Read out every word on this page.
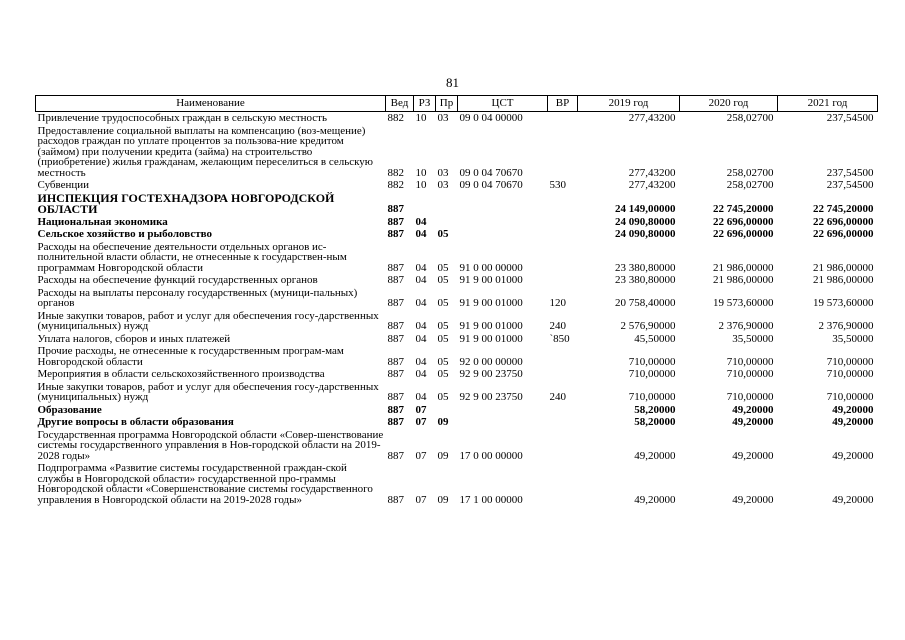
81
Наименование	Вед	РЗ	Пр	ЦСТ	ВР	2019 год	2020 год	2021 год
Привлечение трудоспособных граждан в сельскую местность	882	10	03	09 0 04 00000		277,43200	258,02700	237,54500
Предоставление социальной выплаты на компенсацию (воз-мещение) расходов граждан по уплате процентов за пользова-ние кредитом (займом) при получении кредита (займа) на строительство (приобретение) жилья гражданам, желающим переселиться в сельскую местность	882	10	03	09 0 04 70670		277,43200	258,02700	237,54500
Субвенции	882	10	03	09 0 04 70670	530	277,43200	258,02700	237,54500
ИНСПЕКЦИЯ ГОСТЕХНАДЗОРА НОВГОРОДСКОЙ ОБЛАСТИ	887					24 149,00000	22 745,20000	22 745,20000
Национальная экономика	887	04				24 090,80000	22 696,00000	22 696,00000
Сельское хозяйство и рыболовство	887	04	05			24 090,80000	22 696,00000	22 696,00000
Расходы на обеспечение деятельности отдельных органов ис-полнительной власти области, не отнесенные к государствен-ным программам Новгородской области	887	04	05	91 0 00 00000		23 380,80000	21 986,00000	21 986,00000
Расходы на обеспечение функций государственных органов	887	04	05	91 9 00 01000		23 380,80000	21 986,00000	21 986,00000
Расходы на выплаты персоналу государственных (муници-пальных) органов	887	04	05	91 9 00 01000	120	20 758,40000	19 573,60000	19 573,60000
Иные закупки товаров, работ и услуг для обеспечения госу-дарственных (муниципальных) нужд	887	04	05	91 9 00 01000	240	2 576,90000	2 376,90000	2 376,90000
Уплата налогов, сборов и иных платежей	887	04	05	91 9 00 01000	`850	45,50000	35,50000	35,50000
Прочие расходы, не отнесенные к государственным програм-мам Новгородской области	887	04	05	92 0 00 00000		710,00000	710,00000	710,00000
Мероприятия в области сельскохозяйственного производства	887	04	05	92 9 00 23750		710,00000	710,00000	710,00000
Иные закупки товаров, работ и услуг для обеспечения госу-дарственных (муниципальных) нужд	887	04	05	92 9 00 23750	240	710,00000	710,00000	710,00000
Образование	887	07				58,20000	49,20000	49,20000
Другие вопросы в области образования	887	07	09			58,20000	49,20000	49,20000
Государственная программа Новгородской области «Совер-шенствование системы государственного управления в Нов-городской области на 2019-2028 годы»	887	07	09	17 0 00 00000		49,20000	49,20000	49,20000
Подпрограмма «Развитие системы государственной граждан-ской службы в Новгородской области» государственной про-граммы Новгородской области «Совершенствование системы государственного управления в Новгородской области на 2019-2028 годы»	887	07	09	17 1 00 00000		49,20000	49,20000	49,20000
